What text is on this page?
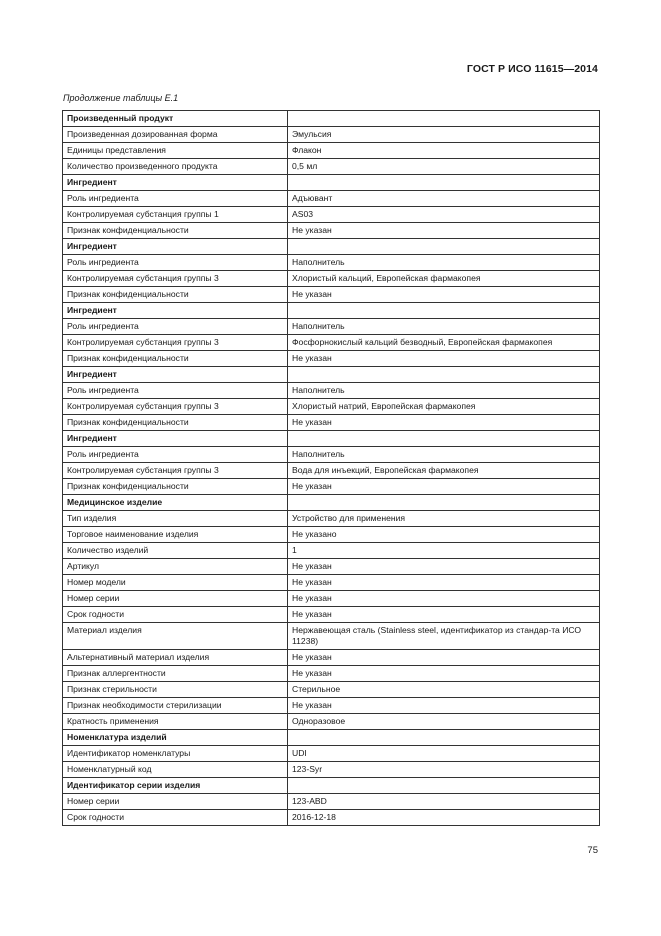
ГОСТ Р ИСО 11615—2014
Продолжение таблицы Е.1
Произведенный продукт	
Произведенная дозированная форма	Эмульсия
Единицы представления	Флакон
Количество произведенного продукта	0,5 мл
Ингредиент	
Роль ингредиента	Адъювант
Контролируемая субстанция группы 1	AS03
Признак конфиденциальности	Не указан
Ингредиент	
Роль ингредиента	Наполнитель
Контролируемая субстанция группы 3	Хлористый кальций, Европейская фармакопея
Признак конфиденциальности	Не указан
Ингредиент	
Роль ингредиента	Наполнитель
Контролируемая субстанция группы 3	Фосфорнокислый кальций безводный, Европейская фармакопея
Признак конфиденциальности	Не указан
Ингредиент	
Роль ингредиента	Наполнитель
Контролируемая субстанция группы 3	Хлористый натрий, Европейская фармакопея
Признак конфиденциальности	Не указан
Ингредиент	
Роль ингредиента	Наполнитель
Контролируемая субстанция группы 3	Вода для инъекций, Европейская фармакопея
Признак конфиденциальности	Не указан
Медицинское изделие	
Тип изделия	Устройство для применения
Торговое наименование изделия	Не указано
Количество изделий	1
Артикул	Не указан
Номер модели	Не указан
Номер серии	Не указан
Срок годности	Не указан
Материал изделия	Нержавеющая сталь (Stainless steel, идентификатор из стандар-та ИСО 11238)
Альтернативный материал изделия	Не указан
Признак аллергентности	Не указан
Признак стерильности	Стерильное
Признак необходимости стерилизации	Не указан
Кратность применения	Одноразовое
Номенклатура изделий	
Идентификатор номенклатуры	UDI
Номенклатурный код	123-Syr
Идентификатор серии изделия	
Номер серии	123-ABD
Срок годности	2016-12-18
75
